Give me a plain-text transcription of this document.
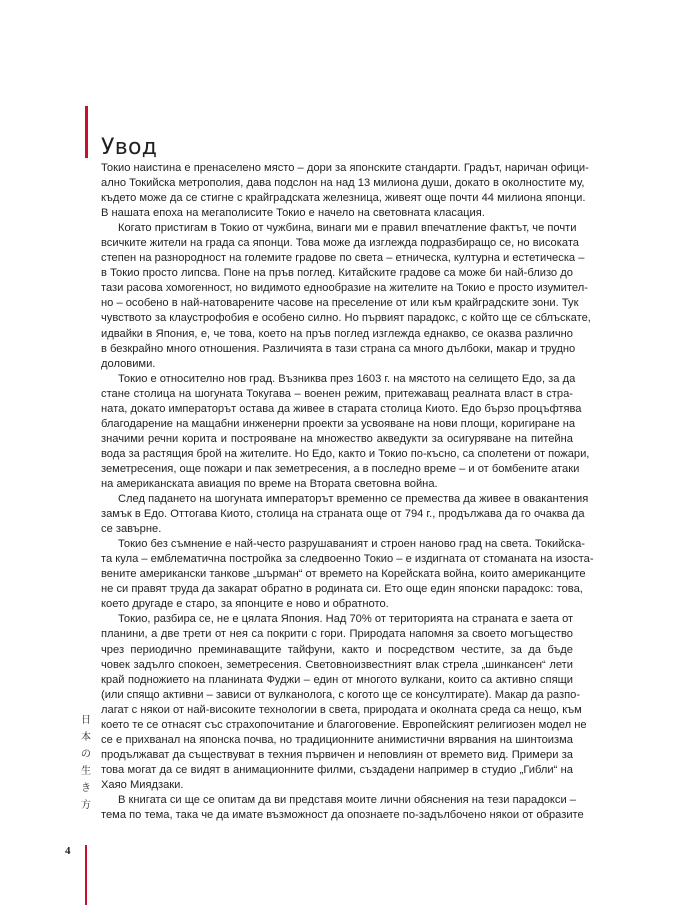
Увод
Токио наистина е пренаселено място – дори за японските стандарти. Градът, наричан офици-
ално Токийска метрополия, дава подслон на над 13 милиона души, докато в околностите му,
където може да се стигне с крайградската железница, живеят още почти 44 милиона японци.
В нашата епоха на мегаполисите Токио е начело на световната класация.
Когато пристигам в Токио от чужбина, винаги ми е правил впечатление фактът, че почти
всичките жители на града са японци. Това може да изглежда подразбиращо се, но високата
степен на разнородност на големите градове по света – етническа, културна и естетическа –
в Токио просто липсва. Поне на пръв поглед. Китайските градове са може би най-близо до
тази расова хомогенност, но видимото еднообразие на жителите на Токио е просто изумител-
но – особено в най-натоварените часове на преселение от или към крайградските зони. Тук
чувството за клаустрофобия е особено силно. Но първият парадокс, с който ще се сблъскате,
идвайки в Япония, е, че това, което на пръв поглед изглежда еднакво, се оказва различно
в безкрайно много отношения. Различията в тази страна са много дълбоки, макар и трудно
доловими.
Токио е относително нов град. Възниква през 1603 г. на мястото на селището Едо, за да
стане столица на шогуната Токугава – военен режим, притежаващ реалната власт в стра-
ната, докато императорът остава да живее в старата столица Киото. Едо бързо процъфтява
благодарение на мащабни инженерни проекти за усвояване на нови площи, коригиране на
значими речни корита и построяване на множество акведукти за осигуряване на питейна
вода за растящия брой на жителите. Но Едо, както и Токио по-късно, са сполетени от пожари,
земетресения, още пожари и пак земетресения, а в последно време – и от бомбените атаки
на американската авиация по време на Втората световна война.
След падането на шогуната императорът временно се премества да живее в овакантения
замък в Едо. Оттогава Киото, столица на страната още от 794 г., продължава да го очаква да
се завърне.
Токио без съмнение е най-често разрушаваният и строен наново град на света. Токийска-
та кула – емблематична постройка за следвоенно Токио – е издигната от стоманата на изоста-
вените американски танкове „шърман“ от времето на Корейската война, които американците
не си правят труда да закарат обратно в родината си. Ето още един японски парадокс: това,
което другаде е старо, за японците е ново и обратното.
Токио, разбира се, не е цялата Япония. Над 70% от територията на страната е заета от
планини, а две трети от нея са покрити с гори. Природата напомня за своето могъщество
чрез периодично преминаващите тайфуни, както и посредством честите, за да бъде
човек задълго спокоен, земетресения. Световноизвестният влак стрела „шинкансен“ лети
край подножието на планината Фуджи – един от многото вулкани, които са активно спящи
(или спящо активни – зависи от вулканолога, с когото ще се консултирате). Макар да разпо-
лагат с някои от най-високите технологии в света, природата и околната среда са нещо, към
което те се отнасят със страхопочитание и благоговение. Европейският религиозен модел не
се е прихванал на японска почва, но традиционните анимистични вярвания на шинтоизма
продължават да съществуват в техния първичен и неповлиян от времето вид. Примери за
това могат да се видят в анимационните филми, създадени например в студио „Гибли“ на
Хаяо Миядзаки.
В книгата си ще се опитам да ви представя моите лични обяснения на тези парадокси –
тема по тема, така че да имате възможност да опознаете по-задълбочено някои от образите
日
本
の
生
き
方
4
